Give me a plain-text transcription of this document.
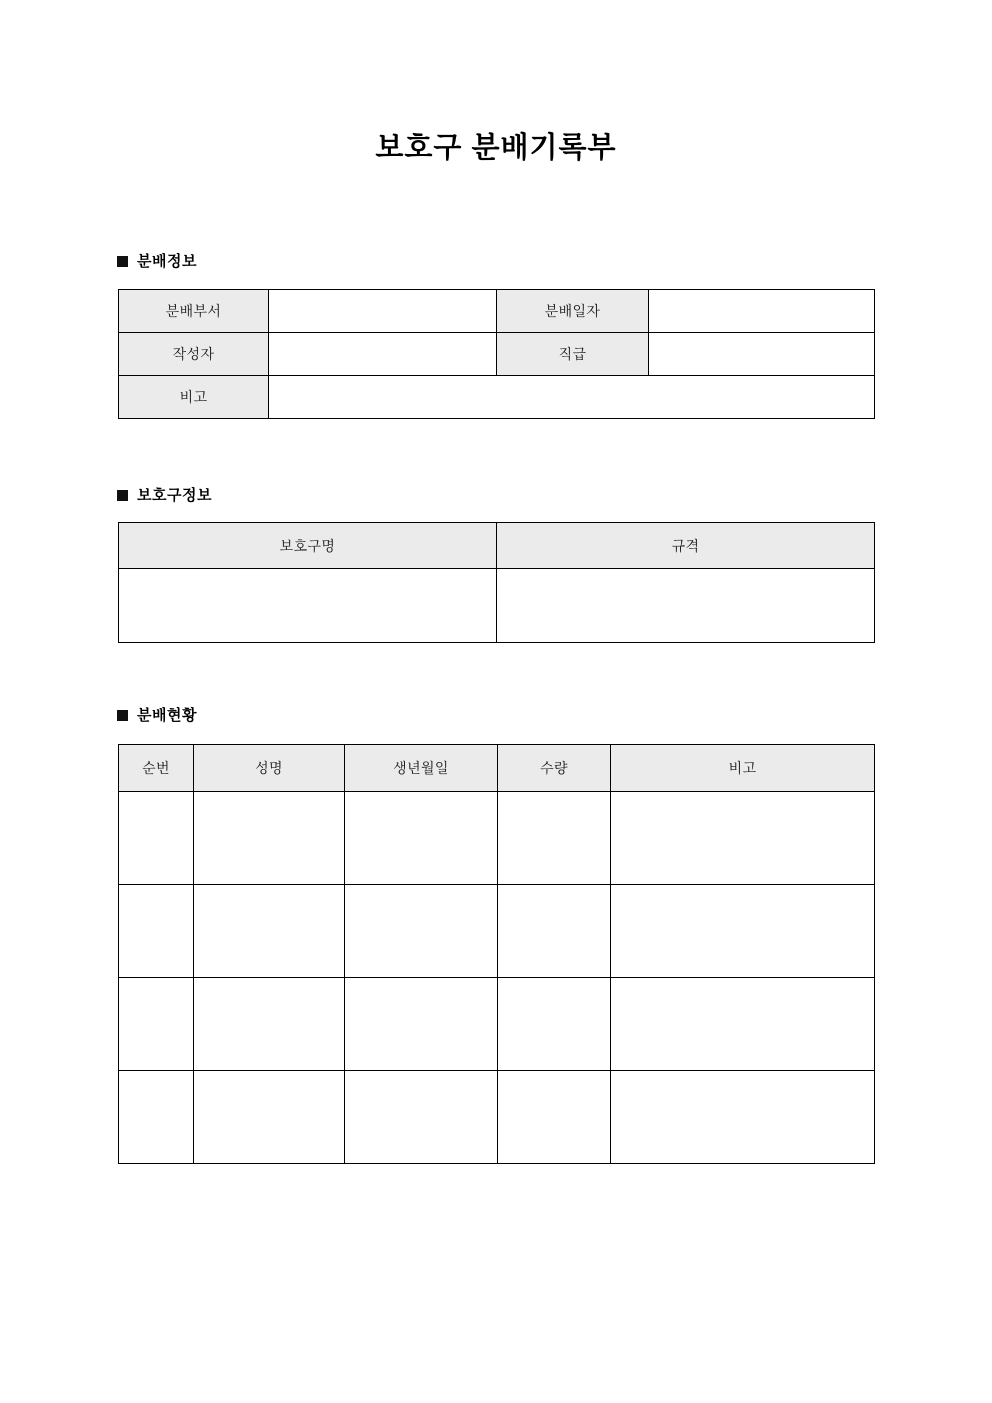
보호구 분배기록부
분배정보
분배부서		분배일자	
작성자		직급	
비고			
보호구정보
보호구명	규격

분배현황
순번	성명	생년월일	수량	비고
